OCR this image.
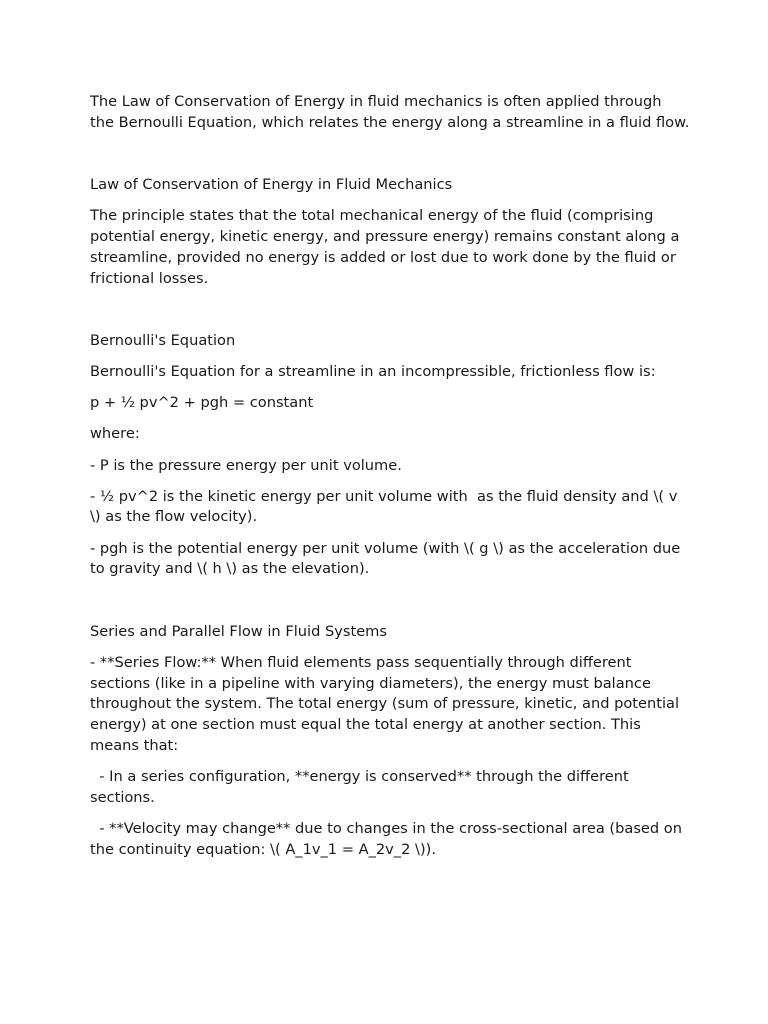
The Law of Conservation of Energy in fluid mechanics is often applied through the Bernoulli Equation, which relates the energy along a streamline in a fluid flow.

Law of Conservation of Energy in Fluid Mechanics

The principle states that the total mechanical energy of the fluid (comprising potential energy, kinetic energy, and pressure energy) remains constant along a streamline, provided no energy is added or lost due to work done by the fluid or frictional losses.

Bernoulli's Equation

Bernoulli's Equation for a streamline in an incompressible, frictionless flow is:

p + ½ pv^2 + pgh = constant

where:

- P is the pressure energy per unit volume.

- ½ pv^2 is the kinetic energy per unit volume with  as the fluid density and \( v \) as the flow velocity).

- pgh is the potential energy per unit volume (with \( g \) as the acceleration due to gravity and \( h \) as the elevation).

Series and Parallel Flow in Fluid Systems

- **Series Flow:** When fluid elements pass sequentially through different sections (like in a pipeline with varying diameters), the energy must balance throughout the system. The total energy (sum of pressure, kinetic, and potential energy) at one section must equal the total energy at another section. This means that:

- In a series configuration, **energy is conserved** through the different sections.

- **Velocity may change** due to changes in the cross-sectional area (based on the continuity equation: \( A_1v_1 = A_2v_2 \)).
